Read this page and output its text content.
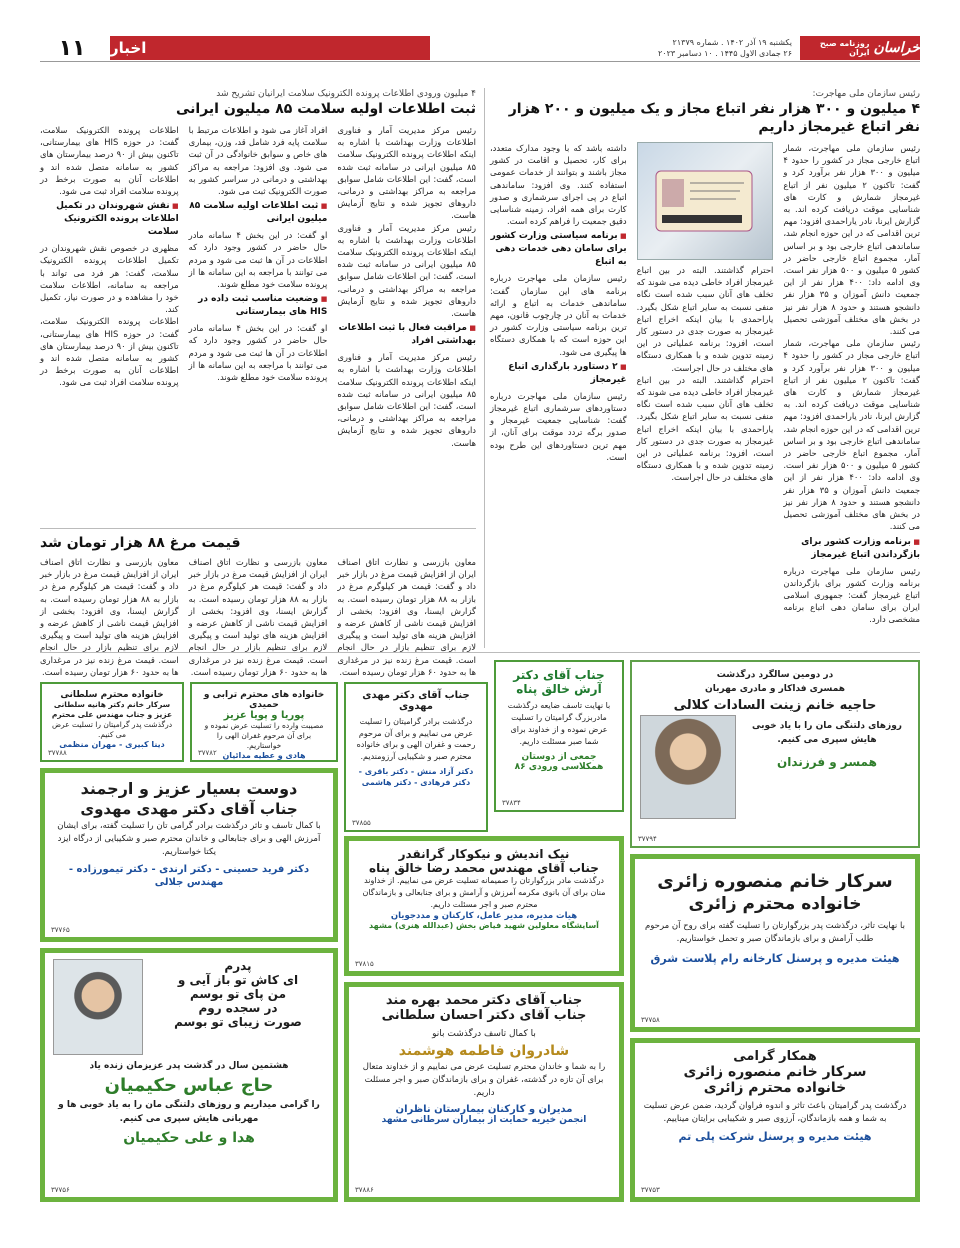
خراسان
روزنامه صبح ایران
یکشنبه ۱۹ آذر ۱۴۰۲ . شماره ۲۱۳۷۹
۲۶ جمادی الاول ۱۴۴۵ . ۱۰ دسامبر ۲۰۲۳
اخبار
۱۱
رئیس سازمان ملی مهاجرت:
۴ میلیون و ۳۰۰ هزار نفر اتباع مجاز و یک میلیون و ۲۰۰ هزار نفر اتباع غیرمجاز داریم
رئیس سازمان ملی مهاجرت، شمار اتباع خارجی مجاز در کشور را حدود ۴ میلیون و ۳۰۰ هزار نفر برآورد کرد و گفت: تاکنون ۲ میلیون نفر از اتباع غیرمجاز شمارش و کارت های شناسایی موقت دریافت کرده اند. به گزارش ایرنا، نادر یاراحمدی افزود: مهم ترین اقدامی که در این حوزه انجام شد، ساماندهی اتباع خارجی بود و بر اساس آمار، مجموع اتباع خارجی حاضر در کشور ۵ میلیون و ۵۰۰ هزار نفر است. وی ادامه داد: ۴۰۰ هزار نفر از این جمعیت دانش آموزان و ۳۵ هزار نفر دانشجو هستند و حدود ۸ هزار نفر نیز در بخش های مختلف آموزشی تحصیل می کنند.
رئیس سازمان ملی مهاجرت، شمار اتباع خارجی مجاز در کشور را حدود ۴ میلیون و ۳۰۰ هزار نفر برآورد کرد و گفت: تاکنون ۲ میلیون نفر از اتباع غیرمجاز شمارش و کارت های شناسایی موقت دریافت کرده اند. به گزارش ایرنا، نادر یاراحمدی افزود: مهم ترین اقدامی که در این حوزه انجام شد، ساماندهی اتباع خارجی بود و بر اساس آمار، مجموع اتباع خارجی حاضر در کشور ۵ میلیون و ۵۰۰ هزار نفر است. وی ادامه داد: ۴۰۰ هزار نفر از این جمعیت دانش آموزان و ۳۵ هزار نفر دانشجو هستند و حدود ۸ هزار نفر نیز در بخش های مختلف آموزشی تحصیل می کنند.
■ برنامه وزارت کشور برای بازگرداندن اتباع غیرمجاز
رئیس سازمان ملی مهاجرت درباره برنامه وزارت کشور برای بازگرداندن اتباع غیرمجاز گفت: جمهوری اسلامی ایران برای سامان دهی اتباع برنامه مشخصی دارد.
احترام گذاشتند. البته در بین اتباع غیرمجاز افراد خاطی دیده می شوند که تخلف های آنان سبب شده است نگاه منفی نسبت به سایر اتباع شکل بگیرد. یاراحمدی با بیان اینکه اخراج اتباع غیرمجاز به صورت جدی در دستور کار است، افزود: برنامه عملیاتی در این زمینه تدوین شده و با همکاری دستگاه های مختلف در حال اجراست.
احترام گذاشتند. البته در بین اتباع غیرمجاز افراد خاطی دیده می شوند که تخلف های آنان سبب شده است نگاه منفی نسبت به سایر اتباع شکل بگیرد. یاراحمدی با بیان اینکه اخراج اتباع غیرمجاز به صورت جدی در دستور کار است، افزود: برنامه عملیاتی در این زمینه تدوین شده و با همکاری دستگاه های مختلف در حال اجراست.
داشته باشد که با وجود مدارک متعدد، برای کار، تحصیل و اقامت در کشور مجاز باشند و بتوانند از خدمات عمومی استفاده کنند. وی افزود: ساماندهی اتباع در پی اجرای سرشماری و صدور کارت برای همه افراد، زمینه شناسایی دقیق جمعیت را فراهم کرده است.
■ برنامه سیاستی وزارت کشور برای سامان دهی خدمات دهی به اتباع
رئیس سازمان ملی مهاجرت درباره برنامه های این سازمان گفت: ساماندهی خدمات به اتباع و ارائه خدمات به آنان در چارچوب قانون، مهم ترین برنامه سیاستی وزارت کشور در این حوزه است که با همکاری دستگاه ها پیگیری می شود.
■ ۲ دستاورد بارگذاری اتباع غیرمجاز
رئیس سازمان ملی مهاجرت درباره دستاوردهای سرشماری اتباع غیرمجاز گفت: شناسایی جمعیت غیرمجاز و صدور برگه تردد موقت برای آنان، از مهم ترین دستاوردهای این طرح بوده است.
۴ میلیون ورودی اطلاعات پرونده الکترونیک سلامت ایرانیان تشریح شد
ثبت اطلاعات اولیه سلامت ۸۵ میلیون ایرانی
رئیس مرکز مدیریت آمار و فناوری اطلاعات وزارت بهداشت با اشاره به اینکه اطلاعات پرونده الکترونیک سلامت ۸۵ میلیون ایرانی در سامانه ثبت شده است، گفت: این اطلاعات شامل سوابق مراجعه به مراکز بهداشتی و درمانی، داروهای تجویز شده و نتایج آزمایش هاست.
رئیس مرکز مدیریت آمار و فناوری اطلاعات وزارت بهداشت با اشاره به اینکه اطلاعات پرونده الکترونیک سلامت ۸۵ میلیون ایرانی در سامانه ثبت شده است، گفت: این اطلاعات شامل سوابق مراجعه به مراکز بهداشتی و درمانی، داروهای تجویز شده و نتایج آزمایش هاست.
■ مراقبت فعال با ثبت اطلاعات بهداشتی افراد
رئیس مرکز مدیریت آمار و فناوری اطلاعات وزارت بهداشت با اشاره به اینکه اطلاعات پرونده الکترونیک سلامت ۸۵ میلیون ایرانی در سامانه ثبت شده است، گفت: این اطلاعات شامل سوابق مراجعه به مراکز بهداشتی و درمانی، داروهای تجویز شده و نتایج آزمایش هاست.
افراد آغاز می شود و اطلاعات مرتبط با سلامت پایه فرد شامل قد، وزن، بیماری های خاص و سوابق خانوادگی در آن ثبت می شود. وی افزود: مراجعه به مراکز بهداشتی و درمانی در سراسر کشور به صورت الکترونیک ثبت می شود.
■ ثبت اطلاعات اولیه سلامت ۸۵ میلیون ایرانی
او گفت: در این بخش ۴ سامانه مادر حال حاضر در کشور وجود دارد که اطلاعات در آن ها ثبت می شود و مردم می توانند با مراجعه به این سامانه ها از پرونده سلامت خود مطلع شوند.
■ وضعیت مناسب ثبت داده در HIS های بیمارستانی
او گفت: در این بخش ۴ سامانه مادر حال حاضر در کشور وجود دارد که اطلاعات در آن ها ثبت می شود و مردم می توانند با مراجعه به این سامانه ها از پرونده سلامت خود مطلع شوند.
اطلاعات پرونده الکترونیک سلامت، گفت: در حوزه HIS های بیمارستانی، تاکنون بیش از ۹۰ درصد بیمارستان های کشور به سامانه متصل شده اند و اطلاعات آنان به صورت برخط در پرونده سلامت افراد ثبت می شود.
■ نقش شهروندان در تکمیل اطلاعات پرونده الکترونیک سلامت
مظهری در خصوص نقش شهروندان در تکمیل اطلاعات پرونده الکترونیک سلامت، گفت: هر فرد می تواند با مراجعه به سامانه، اطلاعات سلامت خود را مشاهده و در صورت نیاز، تکمیل کند.
اطلاعات پرونده الکترونیک سلامت، گفت: در حوزه HIS های بیمارستانی، تاکنون بیش از ۹۰ درصد بیمارستان های کشور به سامانه متصل شده اند و اطلاعات آنان به صورت برخط در پرونده سلامت افراد ثبت می شود.
قیمت مرغ ۸۸ هزار تومان شد
معاون بازرسی و نظارت اتاق اصناف ایران از افزایش قیمت مرغ در بازار خبر داد و گفت: قیمت هر کیلوگرم مرغ در بازار به ۸۸ هزار تومان رسیده است. به گزارش ایسنا، وی افزود: بخشی از افزایش قیمت ناشی از کاهش عرضه و افزایش هزینه های تولید است و پیگیری لازم برای تنظیم بازار در حال انجام است. قیمت مرغ زنده نیز در مرغداری ها به حدود ۶۰ هزار تومان رسیده است.
معاون بازرسی و نظارت اتاق اصناف ایران از افزایش قیمت مرغ در بازار خبر داد و گفت: قیمت هر کیلوگرم مرغ در بازار به ۸۸ هزار تومان رسیده است. به گزارش ایسنا، وی افزود: بخشی از افزایش قیمت ناشی از کاهش عرضه و افزایش هزینه های تولید است و پیگیری لازم برای تنظیم بازار در حال انجام است. قیمت مرغ زنده نیز در مرغداری ها به حدود ۶۰ هزار تومان رسیده است.
معاون بازرسی و نظارت اتاق اصناف ایران از افزایش قیمت مرغ در بازار خبر داد و گفت: قیمت هر کیلوگرم مرغ در بازار به ۸۸ هزار تومان رسیده است. به گزارش ایسنا، وی افزود: بخشی از افزایش قیمت ناشی از کاهش عرضه و افزایش هزینه های تولید است و پیگیری لازم برای تنظیم بازار در حال انجام است. قیمت مرغ زنده نیز در مرغداری ها به حدود ۶۰ هزار تومان رسیده است.	در دومین سالگرد درگذشت
همسری فداکار و مادری مهربان
حاجیه خانم زینت السادات کلالی
روزهای دلتنگی مان را با یاد خوبی هایش سپری می کنیم.
همسر و فرزندان
۳۷۷۹۴
جناب آقای دکتر آرش خالق پناه
با نهایت تاسف ضایعه درگذشت مادربزرگ گرامیتان را تسلیت عرض نموده و از خداوند برای شما صبر مسئلت داریم.
جمعی از دوستان همکلاسی ورودی ۸۶
۳۷۸۳۴
جناب آقای دکتر مهدی مهدوی
درگذشت برادر گرامیتان را تسلیت عرض می نماییم و برای آن مرحوم رحمت و غفران الهی و برای خانواده محترم صبر و شکیبایی آرزومندیم.
دکتر آزاد منش - دکتر باقری - دکتر فرهادی - دکتر هاشمی
۳۷۸۵۵
خانواده های محترم ترابی و حمیدی
پوریا و پویا عزیز
مصیبت وارده را تسلیت عرض نموده و برای آن مرحوم غفران الهی را خواستاریم.
هادی و عطیه مدائیان
۳۷۷۸۲
خانواده محترم سلطانی
سرکار خانم دکتر هانیه سلطانی عزیز و جناب مهندس علی محترم
درگذشت پدر گرامیتان را تسلیت عرض می کنیم.
دینا کبیری - مهران منظمی
۳۷۷۸۸
دوست بسیار عزیز و ارجمند
جناب آقای دکتر مهدی مهدوی
با کمال تاسف و تاثر درگذشت برادر گرامی تان را تسلیت گفته، برای ایشان آمرزش الهی و برای جنابعالی و خاندان محترم صبر و شکیبایی از درگاه ایزد یکتا خواستاریم.
دکتر فرید حسینی - دکتر ارندی - دکتر تیمورزاده - مهندس جلالی
۳۷۷۶۵
نیک اندیش و نیکوکار گرانقدر
جناب آقای مهندس محمد رضا خالق پناه
درگذشت مادر بزرگوارتان را صمیمانه تسلیت عرض می نماییم. از خداوند منان برای آن بانوی مکرمه آمرزش و آرامش و برای جنابعالی و بازماندگان محترم صبر و اجر مسئلت داریم.
هیات مدیره، مدیر عامل، کارکنان و مددجویان
آسایشگاه معلولین شهید فیاض بخش (عبدالله هنری) مشهد
۳۷۸۱۵
سرکار خانم منصوره زائری
خانواده محترم زائری
با نهایت تاثر، درگذشت پدر بزرگوارتان را تسلیت گفته برای روح آن مرحوم طلب آرامش و برای بازماندگان صبر و تحمل خواستاریم.
هیئت مدیره و پرسنل کارخانه رام پلاست شرق
۳۷۷۵۸
پدرم
ای کاش تو باز آیی و
من پای تو بوسم
در سجده روم
صورت زیبای تو بوسم
هشتمین سال در گذشت پدر عزیزمان زنده یاد
حاج عباس حکیمیان
را گرامی میداریم و روزهای دلتنگی مان را به یاد خوبی ها و مهربانی هایش سپری می کنیم.
هدا و علی حکیمیان
۳۷۷۵۶
جناب آقای دکتر محمد بهره مند
جناب آقای دکتر احسان سلطانی
با کمال تاسف درگذشت بانو
شادروان فاطمه هوشمند
را به شما و خاندان محترم تسلیت عرض می نماییم و از خداوند متعال برای آن تازه در گذشته، غفران و برای بازماندگان صبر و اجر مسئلت داریم.
مدیران و کارکنان بیمارستان ناظران
انجمن خیریه حمایت از بیماران سرطانی مشهد
۳۷۸۸۶
همکار گرامی
سرکار خانم منصوره زائری
خانواده محترم زائری
درگذشت پدر گرامیتان باعث تاثر و اندوه فراوان گردید، ضمن عرض تسلیت به شما و همه بازماندگان، آرزوی صبر و شکیبایی برایتان میناییم.
هیئت مدیره و پرسنل شرکت پلی تم
۳۷۷۵۳
